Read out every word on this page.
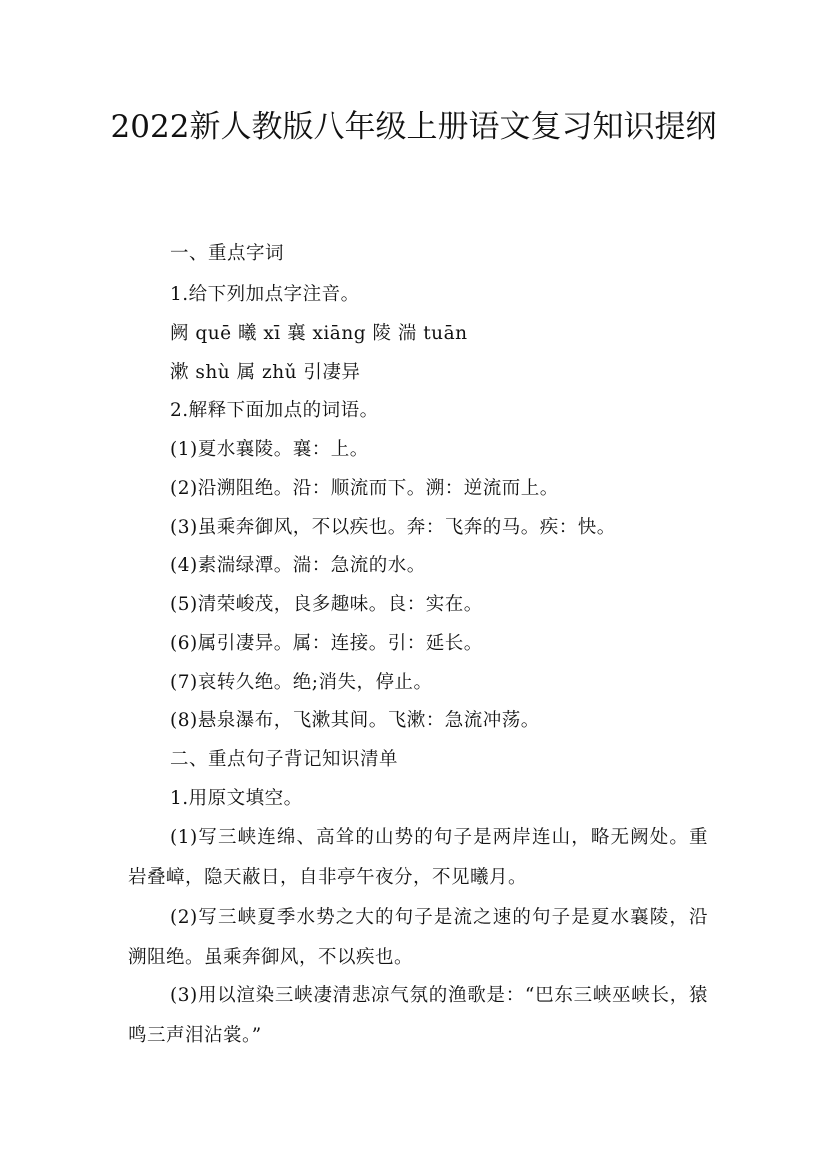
2022新人教版八年级上册语文复习知识提纲
一、重点字词
1.给下列加点字注音。
阙 quē 曦 xī 襄 xiāng 陵 湍 tuān
漱 shù 属 zhǔ 引凄异
2.解释下面加点的词语。
(1)夏水襄陵。襄：上。
(2)沿溯阻绝。沿：顺流而下。溯：逆流而上。
(3)虽乘奔御风，不以疾也。奔：飞奔的马。疾：快。
(4)素湍绿潭。湍：急流的水。
(5)清荣峻茂，良多趣味。良：实在。
(6)属引凄异。属：连接。引：延长。
(7)哀转久绝。绝;消失，停止。
(8)悬泉瀑布，飞漱其间。飞漱：急流冲荡。
二、重点句子背记知识清单
1.用原文填空。
(1)写三峡连绵、高耸的山势的句子是两岸连山，略无阙处。重岩叠嶂，隐天蔽日，自非亭午夜分，不见曦月。
(2)写三峡夏季水势之大的句子是流之速的句子是夏水襄陵，沿溯阻绝。虽乘奔御风，不以疾也。
(3)用以渲染三峡凄清悲凉气氛的渔歌是：“巴东三峡巫峡长，猿鸣三声泪沾裳。”
